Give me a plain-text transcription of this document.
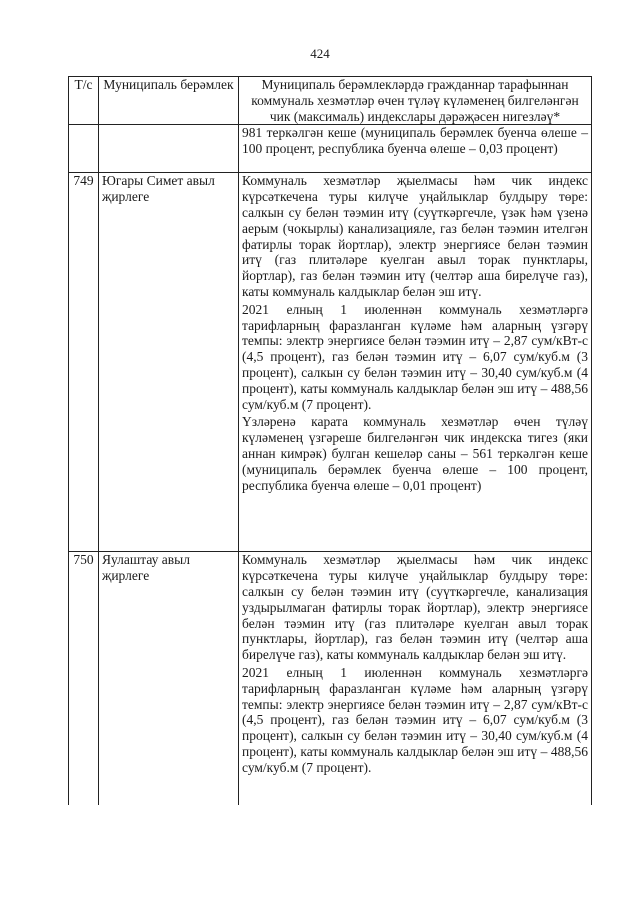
424
Т/с	Муниципаль берәмлек	Муниципаль берәмлекләрдә гражданнар тарафыннан коммуналь хезмәтләр өчен түләү күләменең билгеләнгән чик (максималь) индекслары дәрәҗәсен нигезләү*

		981 теркәлгән кеше (муниципаль берәмлек буенча өлеше – 100 процент, республика буенча өлеше – 0,03 процент)

749	Югары Симет авыл җирлеге	Коммуналь хезмәтләр җыелмасы һәм чик индекс күрсәткечена туры килүче уңайлыклар булдыру төре: салкын су белән тәэмин итү (суүткәргечле, үзәк һәм үзенә аерым (чокырлы) канализацияле, газ белән тәэмин ителгән фатирлы торак йортлар), электр энергиясе белән тәэмин итү (газ плитәләре куелган авыл торак пунктлары, йортлар), газ белән тәэмин итү (челтәр аша бирелүче газ), каты коммуналь калдыклар белән эш итү.

2021 елның 1 июленнән коммуналь хезмәтләргә тарифларның фаразланган күләме һәм аларның үзгәрү темпы: электр энергиясе белән тәэмин итү – 2,87 сум/кВт-с (4,5 процент), газ белән тәэмин итү – 6,07 сум/куб.м (3 процент), салкын су белән тәэмин итү – 30,40 сум/куб.м (4 процент), каты коммуналь калдыклар белән эш итү – 488,56 сум/куб.м (7 процент).

Үзләренә карата коммуналь хезмәтләр өчен түләү күләменең үзгәреше билгеләнгән чик индекска тигез (яки аннан кимрәк) булган кешеләр саны – 561 теркәлгән кеше (муниципаль берәмлек буенча өлеше – 100 процент, республика буенча өлеше – 0,01 процент)

750	Яулаштау авыл җирлеге	Коммуналь хезмәтләр җыелмасы һәм чик индекс күрсәткечена туры килүче уңайлыклар булдыру төре: салкын су белән тәэмин итү (суүткәргечле, канализация уздырылмаган фатирлы торак йортлар), электр энергиясе белән тәэмин итү (газ плитәләре куелган авыл торак пунктлары, йортлар), газ белән тәэмин итү (челтәр аша бирелүче газ), каты коммуналь калдыклар белән эш итү.

2021 елның 1 июленнән коммуналь хезмәтләргә тарифларның фаразланган күләме һәм аларның үзгәрү темпы: электр энергиясе белән тәэмин итү – 2,87 сум/кВт-с (4,5 процент), газ белән тәэмин итү – 6,07 сум/куб.м (3 процент), салкын су белән тәэмин итү – 30,40 сум/куб.м (4 процент), каты коммуналь калдыклар белән эш итү – 488,56 сум/куб.м (7 процент).
